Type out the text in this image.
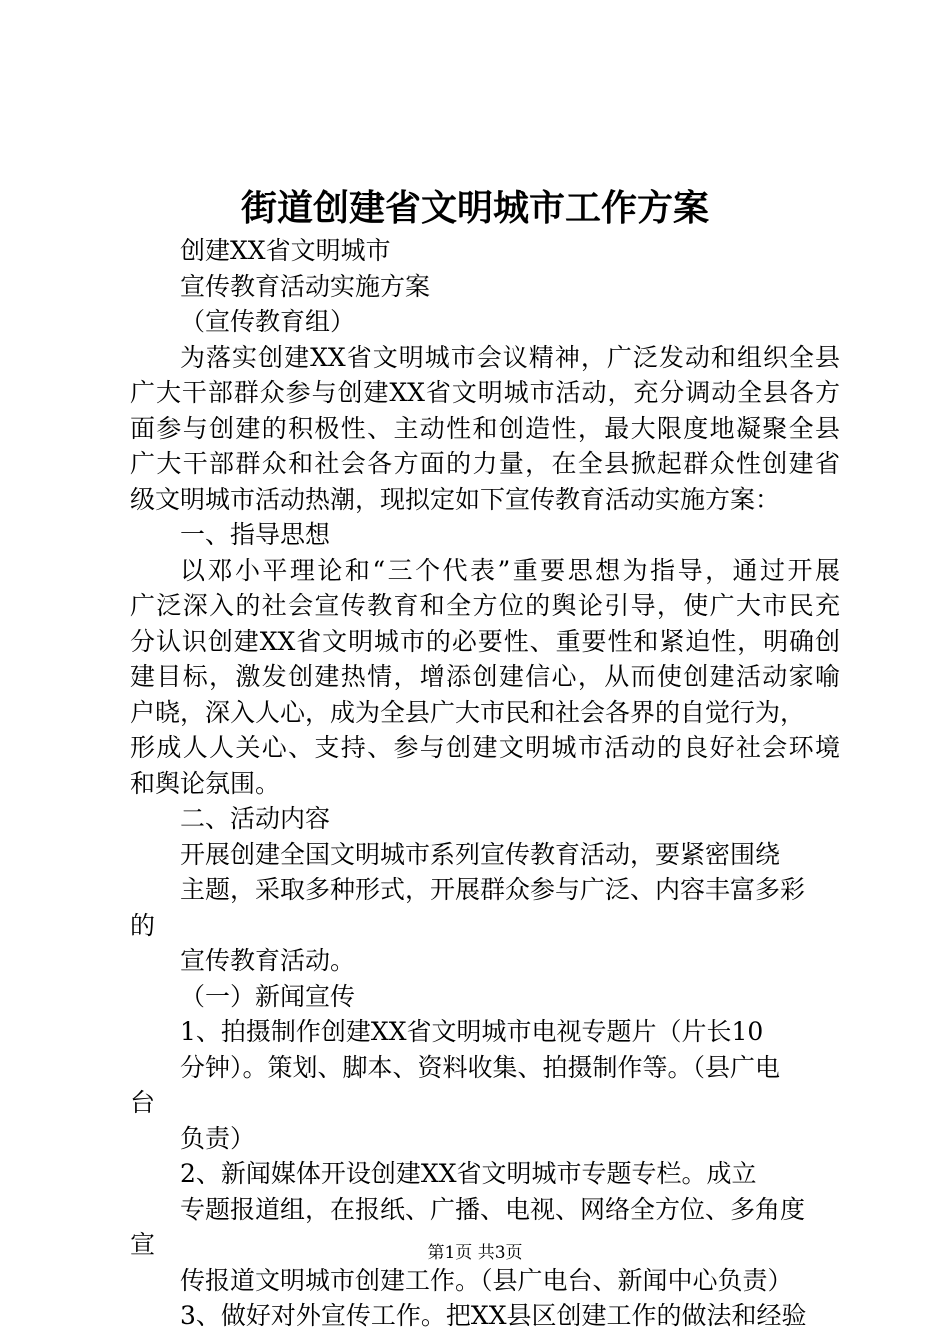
街道创建省文明城市工作方案
创建XX省文明城市
宣传教育活动实施方案
（宣传教育组）
为落实创建XX省文明城市会议精神，广泛发动和组织全县
广大干部群众参与创建XX省文明城市活动，充分调动全县各方
面参与创建的积极性、主动性和创造性，最大限度地凝聚全县
广大干部群众和社会各方面的力量，在全县掀起群众性创建省
级文明城市活动热潮，现拟定如下宣传教育活动实施方案：
一、指导思想
以邓小平理论和“三个代表”重要思想为指导，通过开展
广泛深入的社会宣传教育和全方位的舆论引导，使广大市民充
分认识创建XX省文明城市的必要性、重要性和紧迫性，明确创
建目标，激发创建热情，增添创建信心，从而使创建活动家喻
户晓，深入人心，成为全县广大市民和社会各界的自觉行为，
形成人人关心、支持、参与创建文明城市活动的良好社会环境
和舆论氛围。
二、活动内容
开展创建全国文明城市系列宣传教育活动，要紧密围绕
主题，采取多种形式，开展群众参与广泛、内容丰富多彩
的
宣传教育活动。
（一）新闻宣传
1、拍摄制作创建XX省文明城市电视专题片（片长10
分钟）。策划、脚本、资料收集、拍摄制作等。（县广电
台
负责）
2、新闻媒体开设创建XX省文明城市专题专栏。成立
专题报道组，在报纸、广播、电视、网络全方位、多角度
宣
传报道文明城市创建工作。（县广电台、新闻中心负责）
3、做好对外宣传工作。把XX县区创建工作的做法和经验
第1页 共3页
